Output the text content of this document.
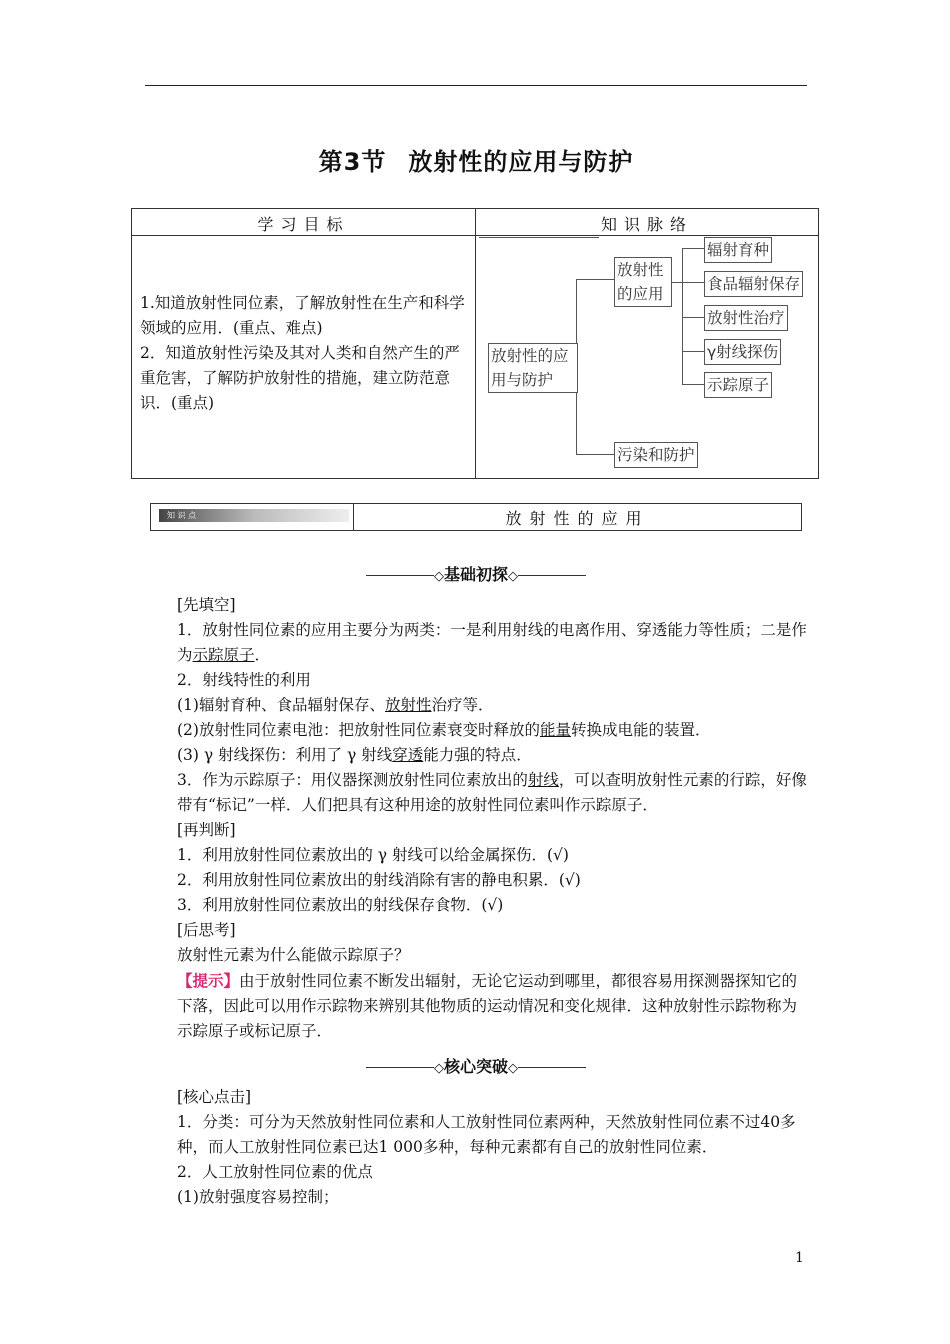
第3节 放射性的应用与防护
学习目标	知识脉络

1.知道放射性同位素，了解放射性在生产和科学领域的应用．(重点、难点)

2．知道放射性污染及其对人类和自然产生的严重危害，了解防护放射性的措施，建立防范意识．(重点)

放射性的应
用与防护
放射性
的应用
污染和防护
辐射育种
食品辐射保存
放射性治疗
γ射线探伤
示踪原子
知 识 点	放射性的应用
◇基础初探◇

[先填空]

1．放射性同位素的应用主要分为两类：一是利用射线的电离作用、穿透能力等性质；二是作为示踪原子．

2．射线特性的利用

(1)辐射育种、食品辐射保存、放射性治疗等．

(2)放射性同位素电池：把放射性同位素衰变时释放的能量转换成电能的装置．

(3) γ 射线探伤：利用了 γ 射线穿透能力强的特点．

3．作为示踪原子：用仪器探测放射性同位素放出的射线，可以查明放射性元素的行踪，好像带有“标记”一样．人们把具有这种用途的放射性同位素叫作示踪原子．

[再判断]

1．利用放射性同位素放出的 γ 射线可以给金属探伤．(√)

2．利用放射性同位素放出的射线消除有害的静电积累．(√)

3．利用放射性同位素放出的射线保存食物．(√)

[后思考]

放射性元素为什么能做示踪原子？

【提示】由于放射性同位素不断发出辐射，无论它运动到哪里，都很容易用探测器探知它的下落，因此可以用作示踪物来辨别其他物质的运动情况和变化规律．这种放射性示踪物称为示踪原子或标记原子．

◇核心突破◇

[核心点击]

1．分类：可分为天然放射性同位素和人工放射性同位素两种，天然放射性同位素不过40多种，而人工放射性同位素已达1 000多种，每种元素都有自己的放射性同位素．

2．人工放射性同位素的优点

(1)放射强度容易控制；

1
